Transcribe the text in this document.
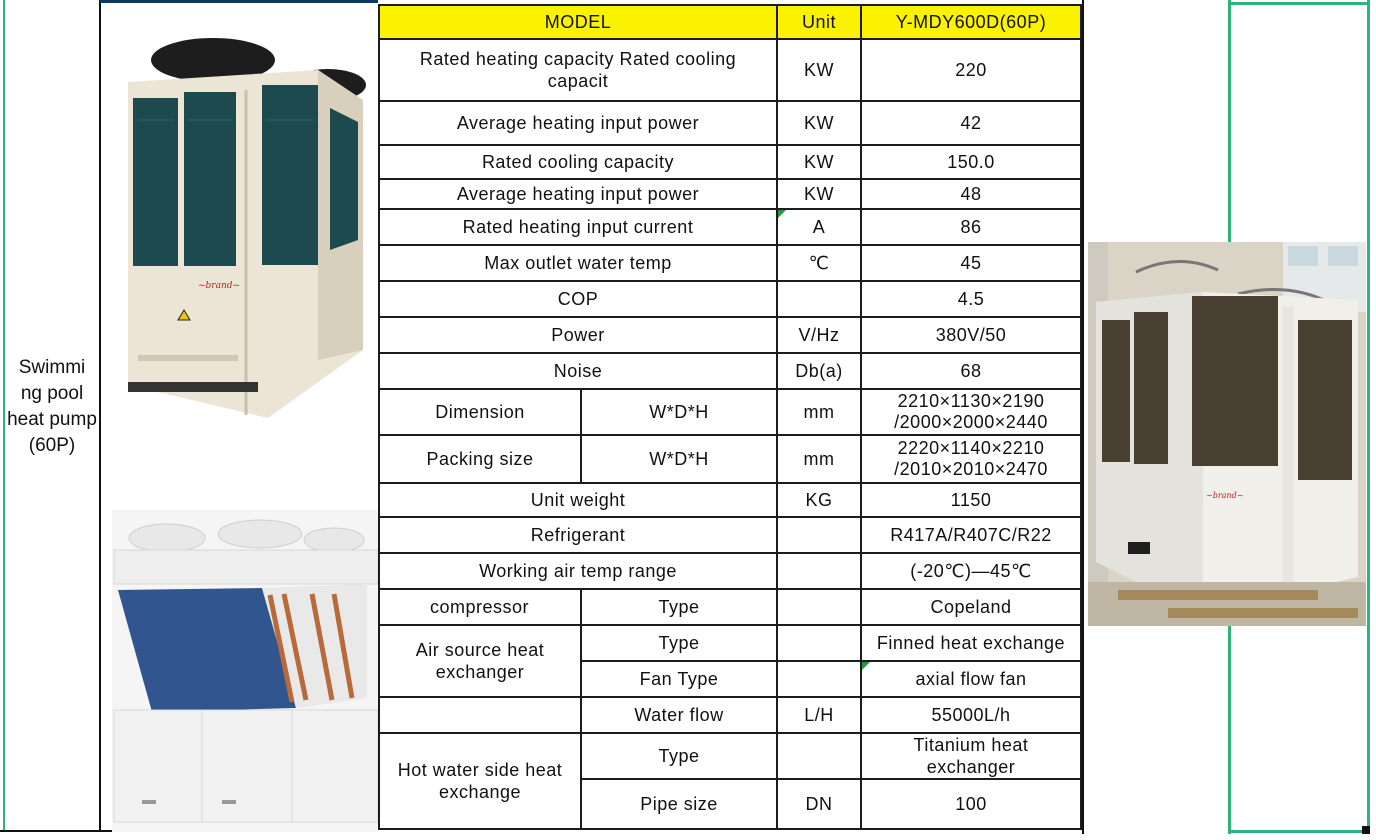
Swimmi ng pool heat pump (60P)
~brand~
~brand~
MODEL		Unit	Y-MDY600D(60P)
Rated heating capacity Rated cooling capacit		KW	220
Average heating input power		KW	42
Rated cooling capacity		KW	150.0
Average heating input power		KW	48
Rated heating input current		A	86
Max outlet water temp		℃	45
COP			4.5
Power		V/Hz	380V/50
Noise		Db(a)	68
Dimension	W*D*H	mm	2210×1130×2190
/2000×2000×2440

Packing size	W*D*H	mm	2220×1140×2210
/2010×2010×2470

Unit weight		KG	1150
Refrigerant			R417A/R407C/R22
Working air temp range			(-20℃)—45℃
compressor	Type		Copeland
Air source heat exchanger	Type		Finned heat exchange
	Fan Type		axial flow fan
	Water flow	L/H	55000L/h
Hot water side heat exchange	Type		Titanium heat exchanger
	Pipe size	DN	100
